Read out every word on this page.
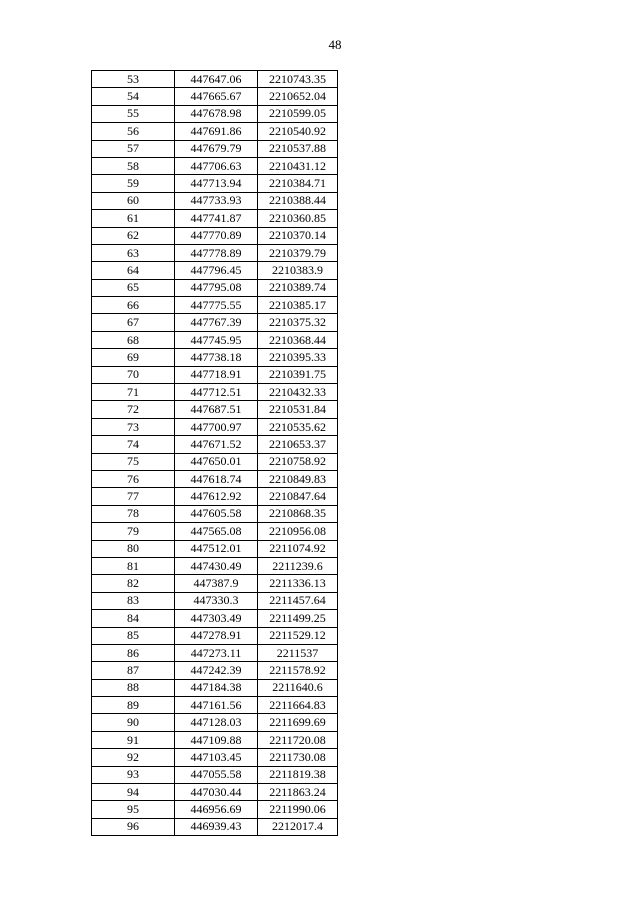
48
53	447647.06	2210743.35
54	447665.67	2210652.04
55	447678.98	2210599.05
56	447691.86	2210540.92
57	447679.79	2210537.88
58	447706.63	2210431.12
59	447713.94	2210384.71
60	447733.93	2210388.44
61	447741.87	2210360.85
62	447770.89	2210370.14
63	447778.89	2210379.79
64	447796.45	2210383.9
65	447795.08	2210389.74
66	447775.55	2210385.17
67	447767.39	2210375.32
68	447745.95	2210368.44
69	447738.18	2210395.33
70	447718.91	2210391.75
71	447712.51	2210432.33
72	447687.51	2210531.84
73	447700.97	2210535.62
74	447671.52	2210653.37
75	447650.01	2210758.92
76	447618.74	2210849.83
77	447612.92	2210847.64
78	447605.58	2210868.35
79	447565.08	2210956.08
80	447512.01	2211074.92
81	447430.49	2211239.6
82	447387.9	2211336.13
83	447330.3	2211457.64
84	447303.49	2211499.25
85	447278.91	2211529.12
86	447273.11	2211537
87	447242.39	2211578.92
88	447184.38	2211640.6
89	447161.56	2211664.83
90	447128.03	2211699.69
91	447109.88	2211720.08
92	447103.45	2211730.08
93	447055.58	2211819.38
94	447030.44	2211863.24
95	446956.69	2211990.06
96	446939.43	2212017.4
